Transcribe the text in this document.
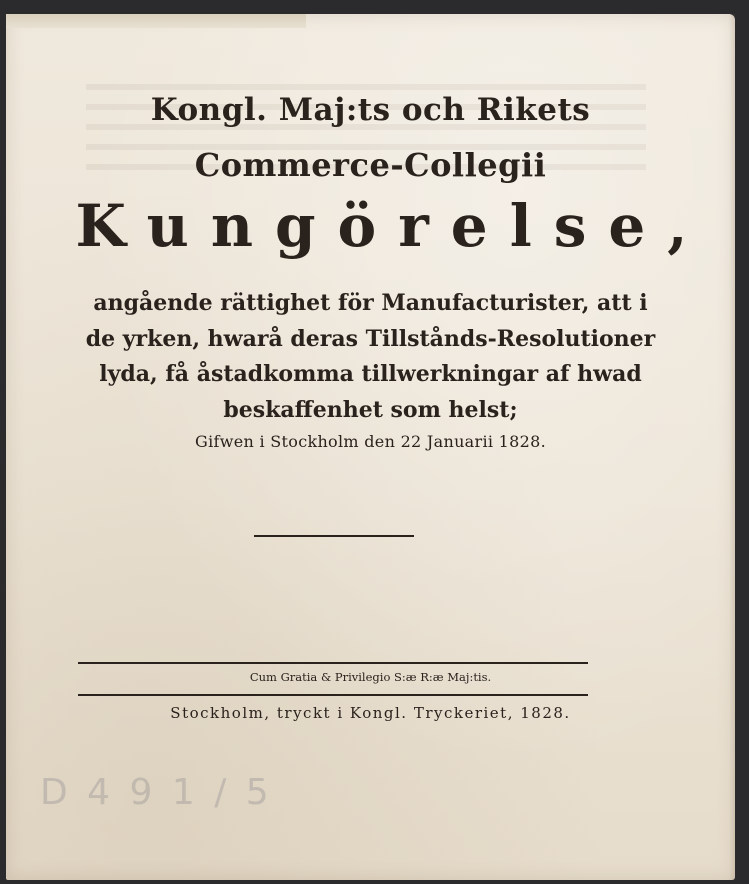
Kongl. Maj:ts och Rikets
Commerce-Collegii
Kungörelse,
angående rättighet för Manufacturister, att i
de yrken, hwarå deras Tillstånds-Resolutioner
lyda, få åstadkomma tillwerkningar af hwad
beskaffenhet som helst;
Gifwen i Stockholm den 22 Januarii 1828.
Cum Gratia & Privilegio S:æ R:æ Maj:tis.
Stockholm, tryckt i Kongl. Tryckeriet, 1828.
D 4 9 1 / 5
